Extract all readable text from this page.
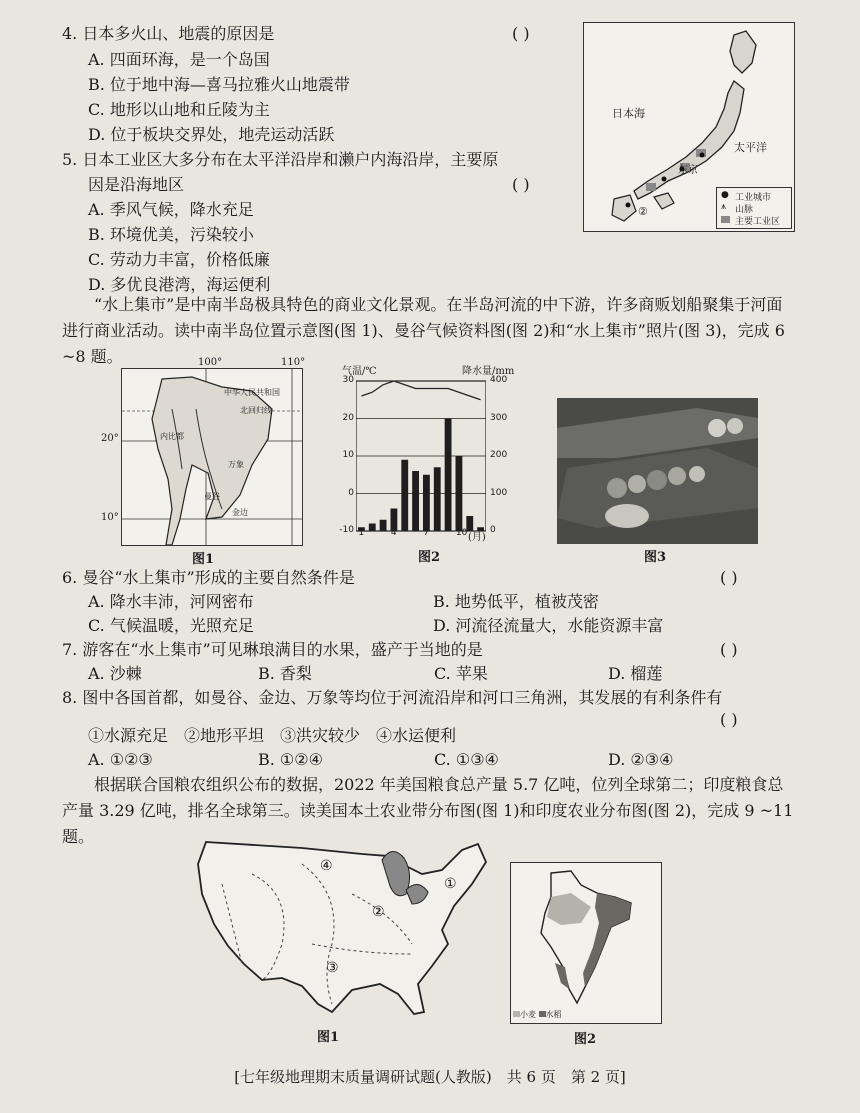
4. 日本多火山、地震的原因是	( )
A. 四面环海，是一个岛国
B. 位于地中海—喜马拉雅火山地震带
C. 地形以山地和丘陵为主
D. 位于板块交界处，地壳运动活跃
5. 日本工业区大多分布在太平洋沿岸和濑户内海沿岸，主要原
因是沿海地区	( )
A. 季风气候，降水充足
B. 环境优美，污染较小
C. 劳动力丰富，价格低廉
D. 多优良港湾，海运便利
日本海
太平洋
东京
②
● 工业城市
⩚ 山脉
主要工业区
“水上集市”是中南半岛极具特色的商业文化景观。在半岛河流的中下游，许多商贩划船聚集于河面进行商业活动。读中南半岛位置示意图(图 1)、曼谷气候资料图(图 2)和“水上集市”照片(图 3)，完成 6 ~8 题。
中华人民共和国
北回归线
内比都
万象
金边
曼谷
100°	110°
20°
10°
图1
气温/℃	降水量/mm
30
20
10
0
-10
400
300
200
100
0
1	4	7	10 (月)
图2	图3
6. 曼谷“水上集市”形成的主要自然条件是	( )
A. 降水丰沛，河网密布	B. 地势低平，植被茂密
C. 气候温暖，光照充足	D. 河流径流量大，水能资源丰富
7. 游客在“水上集市”可见琳琅满目的水果，盛产于当地的是	( )
A. 沙棘	B. 香梨	C. 苹果	D. 榴莲
8. 图中各国首都，如曼谷、金边、万象等均位于河流沿岸和河口三角洲，其发展的有利条件有
( )
①水源充足　②地形平坦　③洪灾较少　④水运便利
A. ①②③	B. ①②④	C. ①③④	D. ②③④
根据联合国粮农组织公布的数据，2022 年美国粮食总产量 5.7 亿吨，位列全球第二；印度粮食总产量 3.29 亿吨，排名全球第三。读美国本土农业带分布图(图 1)和印度农业分布图(图 2)，完成 9 ~11 题。
④
①
②
③
图1
小麦 水稻
图2
[七年级地理期末质量调研试题(人教版)　共 6 页　第 2 页]
